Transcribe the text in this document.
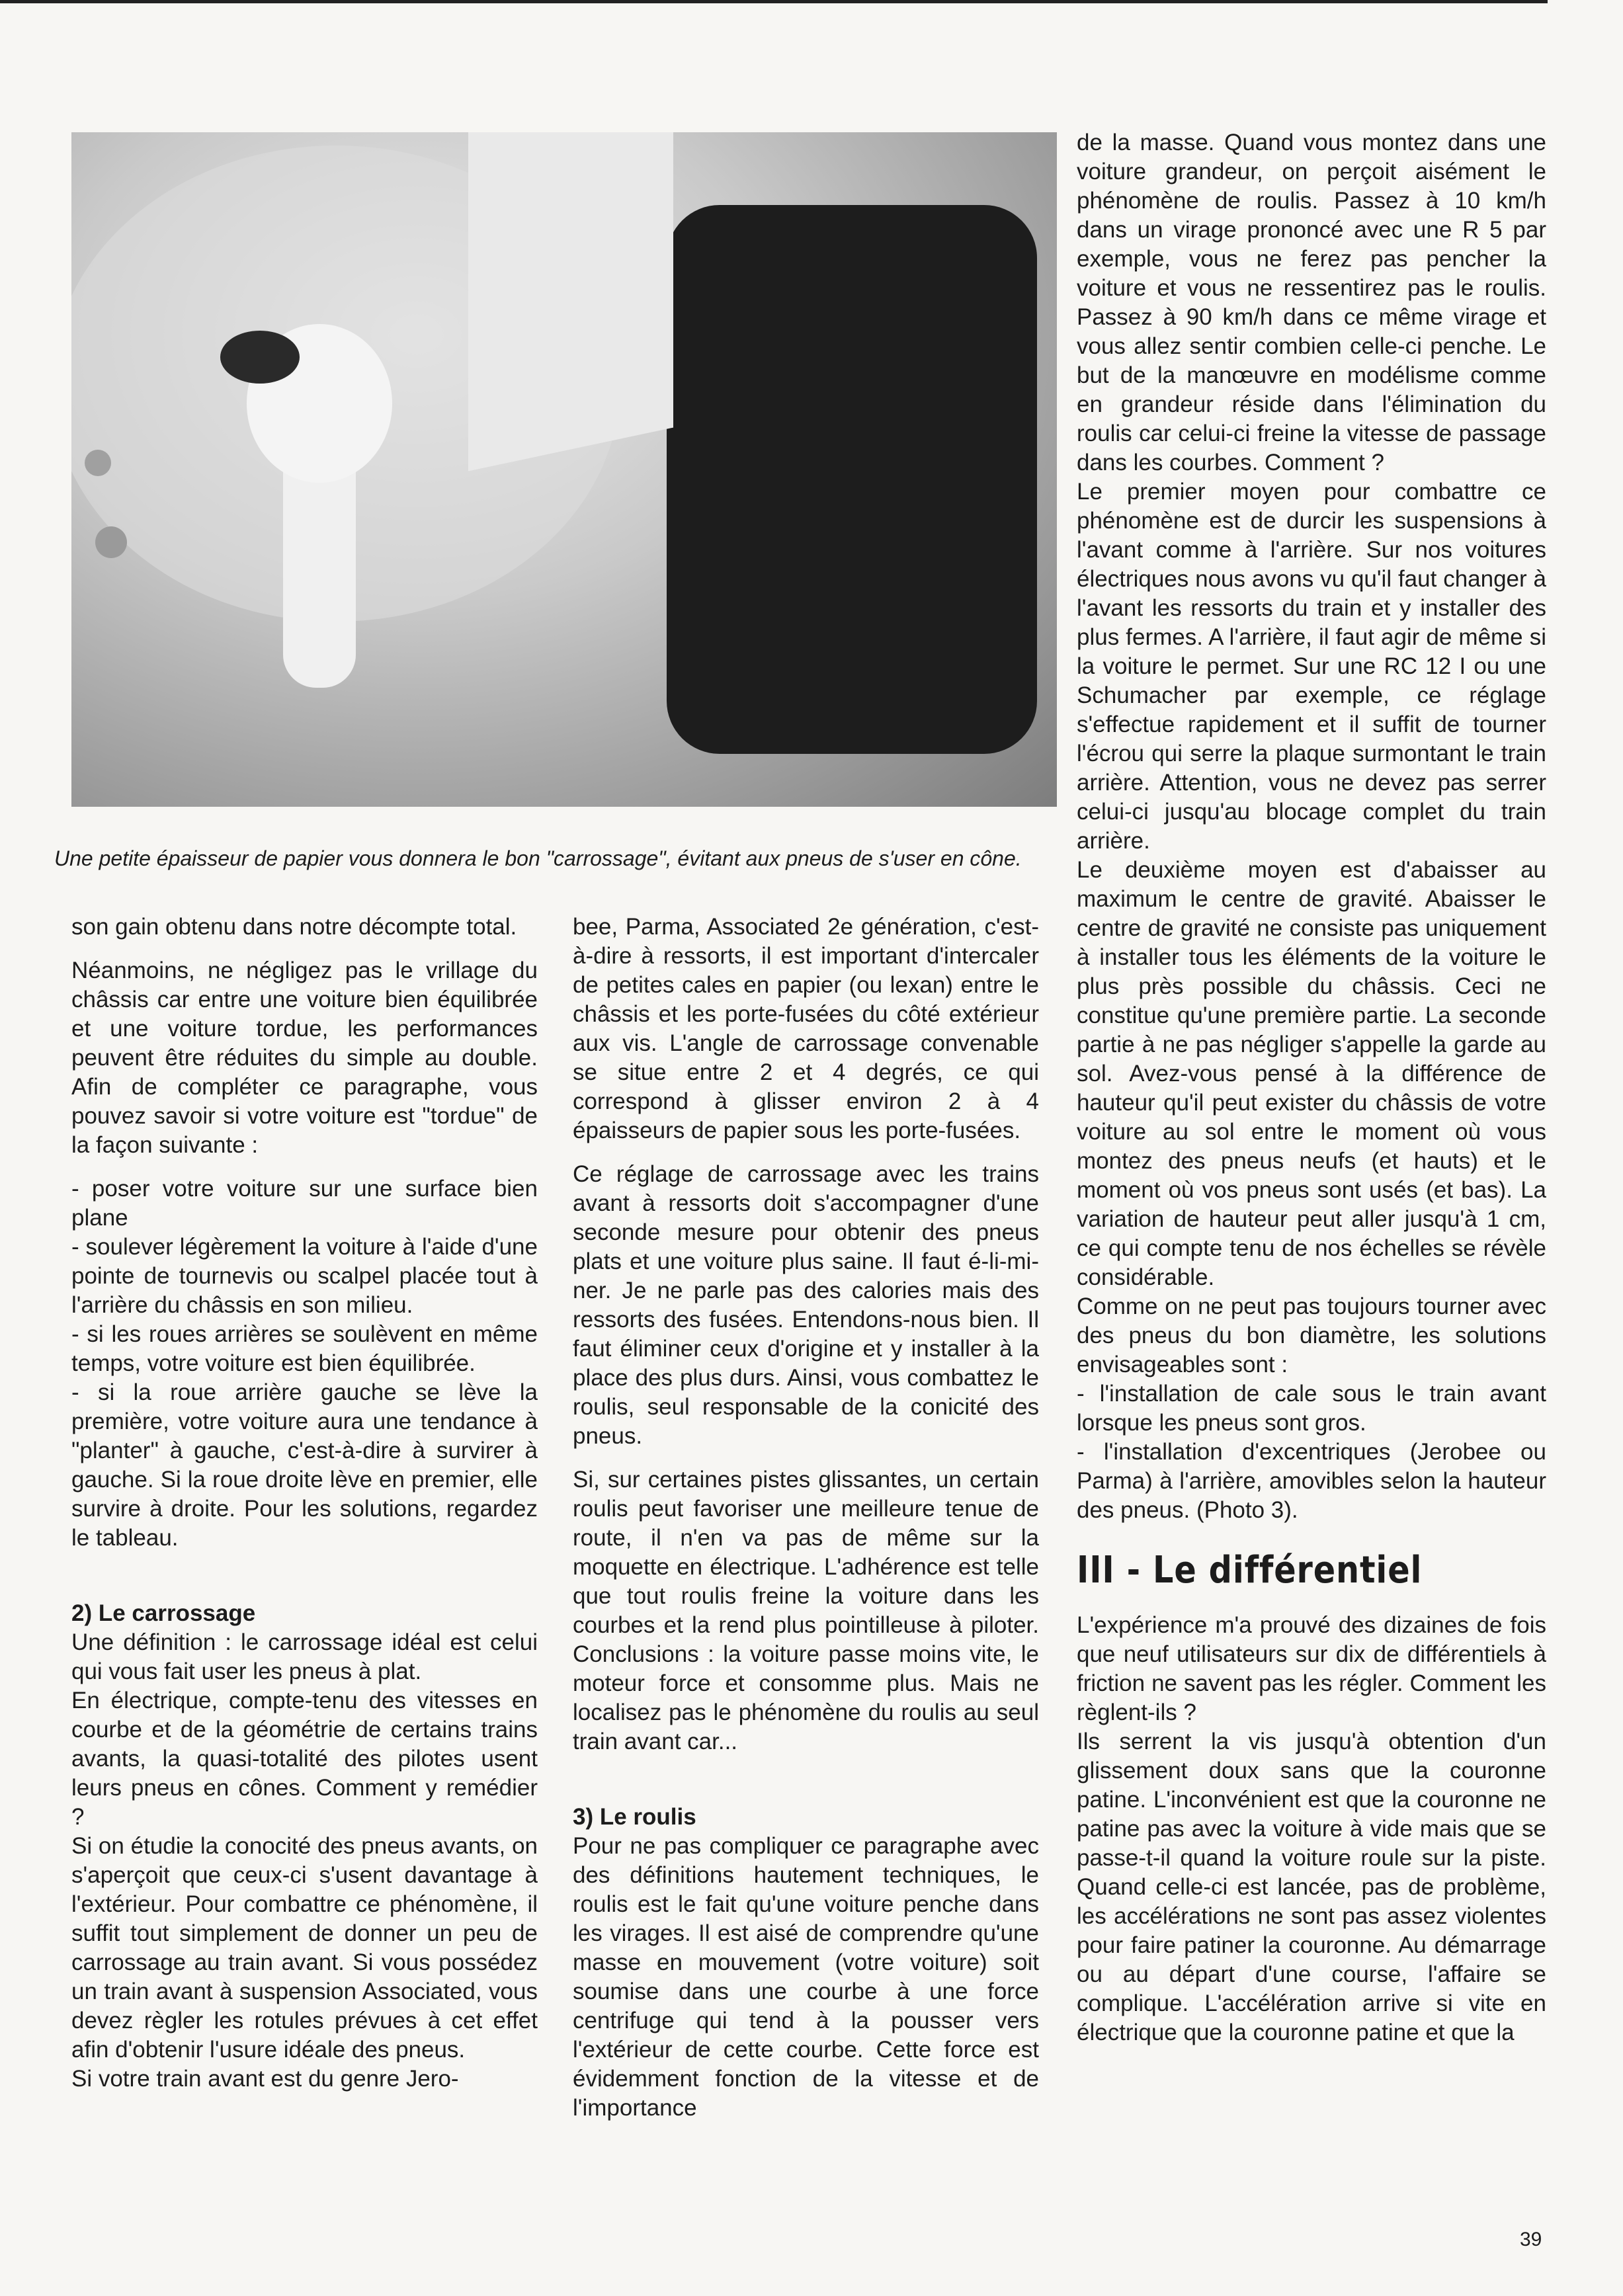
Une petite épaisseur de papier vous donnera le bon "carrossage", évitant aux pneus de s'user en cône.

son gain obtenu dans notre décompte total.

Néanmoins, ne négligez pas le vrillage du châssis car entre une voiture bien équilibrée et une voiture tordue, les performances peuvent être réduites du simple au double. Afin de compléter ce paragraphe, vous pouvez savoir si votre voiture est "tordue" de la façon suivante :

- poser votre voiture sur une surface bien plane

- soulever légèrement la voiture à l'aide d'une pointe de tournevis ou scalpel placée tout à l'arrière du châssis en son milieu.

- si les roues arrières se soulèvent en même temps, votre voiture est bien équilibrée.

- si la roue arrière gauche se lève la première, votre voiture aura une tendance à "planter" à gauche, c'est-à-dire à survirer à gauche. Si la roue droite lève en premier, elle survire à droite. Pour les solutions, regardez le tableau.

2) Le carrossage

Une définition : le carrossage idéal est celui qui vous fait user les pneus à plat.

En électrique, compte-tenu des vitesses en courbe et de la géométrie de certains trains avants, la quasi-totalité des pilotes usent leurs pneus en cônes. Comment y remédier ?

Si on étudie la conocité des pneus avants, on s'aperçoit que ceux-ci s'usent davantage à l'extérieur. Pour combattre ce phénomène, il suffit tout simplement de donner un peu de carrossage au train avant. Si vous possédez un train avant à suspension Associated, vous devez règler les rotules prévues à cet effet afin d'obtenir l'usure idéale des pneus.

Si votre train avant est du genre Jero-

bee, Parma, Associated 2e génération, c'est-à-dire à ressorts, il est important d'intercaler de petites cales en papier (ou lexan) entre le châssis et les porte-fusées du côté extérieur aux vis. L'angle de carrossage convenable se situe entre 2 et 4 degrés, ce qui correspond à glisser environ 2 à 4 épaisseurs de papier sous les porte-fusées.

Ce réglage de carrossage avec les trains avant à ressorts doit s'accompagner d'une seconde mesure pour obtenir des pneus plats et une voiture plus saine. Il faut é-li-mi-ner. Je ne parle pas des calories mais des ressorts des fusées. Entendons-nous bien. Il faut éliminer ceux d'origine et y installer à la place des plus durs. Ainsi, vous combattez le roulis, seul responsable de la conicité des pneus.

Si, sur certaines pistes glissantes, un certain roulis peut favoriser une meilleure tenue de route, il n'en va pas de même sur la moquette en électrique. L'adhérence est telle que tout roulis freine la voiture dans les courbes et la rend plus pointilleuse à piloter. Conclusions : la voiture passe moins vite, le moteur force et consomme plus. Mais ne localisez pas le phénomène du roulis au seul train avant car...

3) Le roulis

Pour ne pas compliquer ce paragraphe avec des définitions hautement techniques, le roulis est le fait qu'une voiture penche dans les virages. Il est aisé de comprendre qu'une masse en mouvement (votre voiture) soit soumise dans une courbe à une force centrifuge qui tend à la pousser vers l'extérieur de cette courbe. Cette force est évidemment fonction de la vitesse et de l'importance

de la masse. Quand vous montez dans une voiture grandeur, on perçoit aisément le phénomène de roulis. Passez à 10 km/h dans un virage prononcé avec une R 5 par exemple, vous ne ferez pas pencher la voiture et vous ne ressentirez pas le roulis. Passez à 90 km/h dans ce même virage et vous allez sentir combien celle-ci penche. Le but de la manœuvre en modélisme comme en grandeur réside dans l'élimination du roulis car celui-ci freine la vitesse de passage dans les courbes. Comment ?

Le premier moyen pour combattre ce phénomène est de durcir les suspensions à l'avant comme à l'arrière. Sur nos voitures électriques nous avons vu qu'il faut changer à l'avant les ressorts du train et y installer des plus fermes. A l'arrière, il faut agir de même si la voiture le permet. Sur une RC 12 I ou une Schumacher par exemple, ce réglage s'effectue rapidement et il suffit de tourner l'écrou qui serre la plaque surmontant le train arrière. Attention, vous ne devez pas serrer celui-ci jusqu'au blocage complet du train arrière.

Le deuxième moyen est d'abaisser au maximum le centre de gravité. Abaisser le centre de gravité ne consiste pas uniquement à installer tous les éléments de la voiture le plus près possible du châssis. Ceci ne constitue qu'une première partie. La seconde partie à ne pas négliger s'appelle la garde au sol. Avez-vous pensé à la différence de hauteur qu'il peut exister du châssis de votre voiture au sol entre le moment où vous montez des pneus neufs (et hauts) et le moment où vos pneus sont usés (et bas). La variation de hauteur peut aller jusqu'à 1 cm, ce qui compte tenu de nos échelles se révèle considérable.

Comme on ne peut pas toujours tourner avec des pneus du bon diamètre, les solutions envisageables sont :

- l'installation de cale sous le train avant lorsque les pneus sont gros.

- l'installation d'excentriques (Jerobee ou Parma) à l'arrière, amovibles selon la hauteur des pneus. (Photo 3).

III - Le différentiel

L'expérience m'a prouvé des dizaines de fois que neuf utilisateurs sur dix de différentiels à friction ne savent pas les régler. Comment les règlent-ils ?

Ils serrent la vis jusqu'à obtention d'un glissement doux sans que la couronne patine. L'inconvénient est que la couronne ne patine pas avec la voiture à vide mais que se passe-t-il quand la voiture roule sur la piste. Quand celle-ci est lancée, pas de problème, les accélérations ne sont pas assez violentes pour faire patiner la couronne. Au démarrage ou au départ d'une course, l'affaire se complique. L'accélération arrive si vite en électrique que la couronne patine et que la

39
